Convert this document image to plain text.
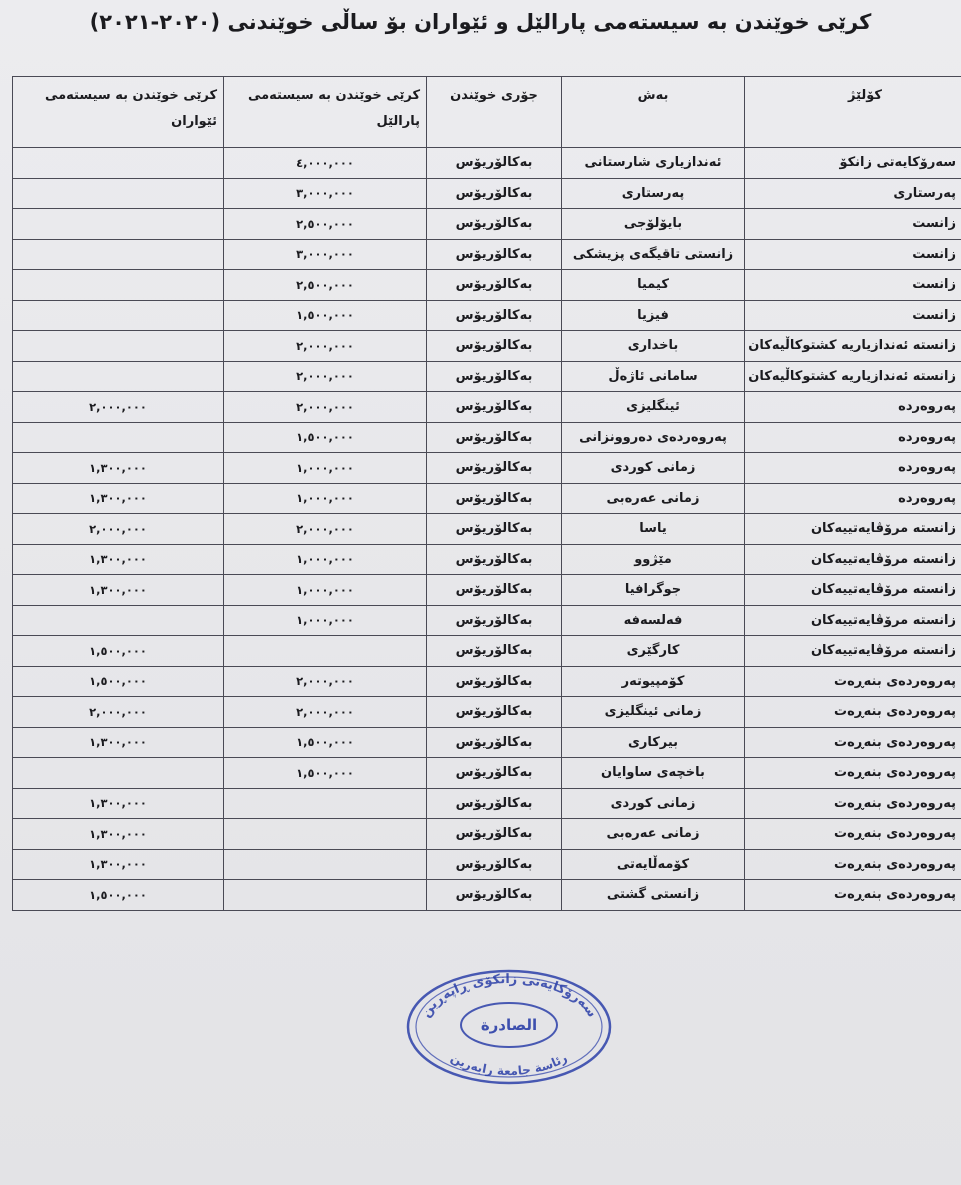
کرێی خوێندن بە سیستەمی پارالێل و ئێواران بۆ ساڵی خوێندنی (٢٠٢٠-٢٠٢١)
کۆلێژ	بەش	جۆری خوێندن	کرێی خوێندن بە سیستەمی پارالێل	کرێی خوێندن بە سیستەمی ئێواران
سەرۆکایەتی زانکۆ	ئەندازیاری شارستانی	بەکالۆریۆس	٤,٠٠٠,٠٠٠	
پەرستاری	پەرستاری	بەکالۆریۆس	٣,٠٠٠,٠٠٠	
زانست	بایۆلۆجی	بەکالۆریۆس	٢,٥٠٠,٠٠٠	
زانست	زانستی تاقیگەی پزیشکی	بەکالۆریۆس	٣,٠٠٠,٠٠٠	
زانست	کیمیا	بەکالۆریۆس	٢,٥٠٠,٠٠٠	
زانست	فیزیا	بەکالۆریۆس	١,٥٠٠,٠٠٠	
زانستە ئەندازیاریە کشتوکاڵیەکان	باخداری	بەکالۆریۆس	٢,٠٠٠,٠٠٠	
زانستە ئەندازیاریە کشتوکاڵیەکان	سامانی ئاژەڵ	بەکالۆریۆس	٢,٠٠٠,٠٠٠	
پەروەردە	ئینگلیزی	بەکالۆریۆس	٢,٠٠٠,٠٠٠	٢,٠٠٠,٠٠٠
پەروەردە	پەروەردەی دەروونزانی	بەکالۆریۆس	١,٥٠٠,٠٠٠	
پەروەردە	زمانی کوردی	بەکالۆریۆس	١,٠٠٠,٠٠٠	١,٣٠٠,٠٠٠
پەروەردە	زمانی عەرەبی	بەکالۆریۆس	١,٠٠٠,٠٠٠	١,٣٠٠,٠٠٠
زانستە مرۆڤایەتییەکان	یاسا	بەکالۆریۆس	٢,٠٠٠,٠٠٠	٢,٠٠٠,٠٠٠
زانستە مرۆڤایەتییەکان	مێژوو	بەکالۆریۆس	١,٠٠٠,٠٠٠	١,٣٠٠,٠٠٠
زانستە مرۆڤایەتییەکان	جوگرافیا	بەکالۆریۆس	١,٠٠٠,٠٠٠	١,٣٠٠,٠٠٠
زانستە مرۆڤایەتییەکان	فەلسەفە	بەکالۆریۆس	١,٠٠٠,٠٠٠	
زانستە مرۆڤایەتییەکان	کارگێری	بەکالۆریۆس		١,٥٠٠,٠٠٠
پەروەردەی بنەڕەت	کۆمپیوتەر	بەکالۆریۆس	٢,٠٠٠,٠٠٠	١,٥٠٠,٠٠٠
پەروەردەی بنەڕەت	زمانی ئینگلیزی	بەکالۆریۆس	٢,٠٠٠,٠٠٠	٢,٠٠٠,٠٠٠
پەروەردەی بنەڕەت	بیرکاری	بەکالۆریۆس	١,٥٠٠,٠٠٠	١,٣٠٠,٠٠٠
پەروەردەی بنەڕەت	باخچەی ساوایان	بەکالۆریۆس	١,٥٠٠,٠٠٠	
پەروەردەی بنەڕەت	زمانی کوردی	بەکالۆریۆس		١,٣٠٠,٠٠٠
پەروەردەی بنەڕەت	زمانی عەرەبی	بەکالۆریۆس		١,٣٠٠,٠٠٠
پەروەردەی بنەڕەت	کۆمەڵایەتی	بەکالۆریۆس		١,٣٠٠,٠٠٠
پەروەردەی بنەڕەت	زانستی گشتی	بەکالۆریۆس		١,٥٠٠,٠٠٠
سەرۆکایەتی زانکۆی ڕاپەڕین
الصادرة
رئاسة جامعة رابەرین
